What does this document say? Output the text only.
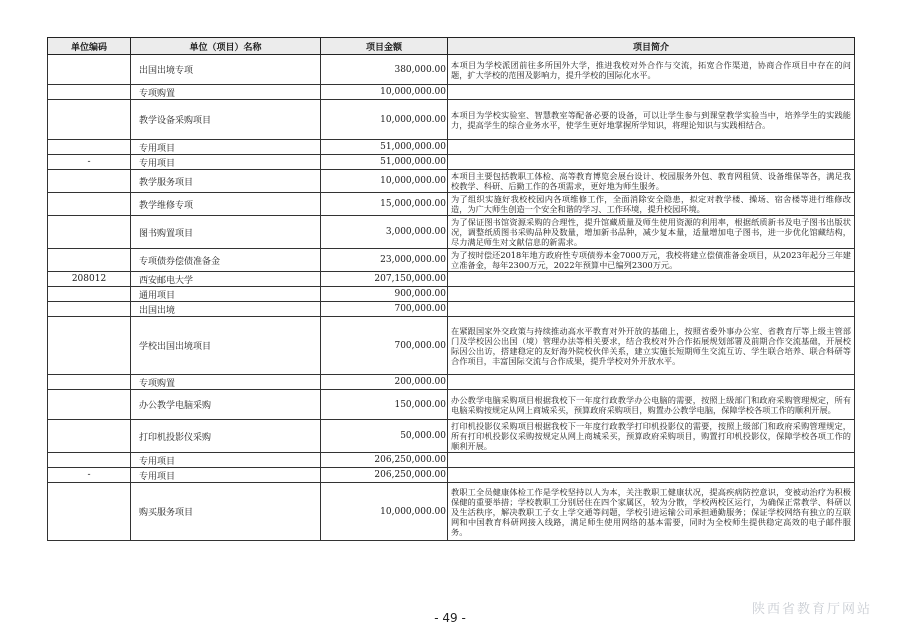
单位编码	单位（项目）名称	项目金额	项目简介
	出国出境专项	380,000.00	本项目为学校派团前往多所国外大学，推进我校对外合作与交流，拓宽合作渠道，协商合作项目中存在的问题，扩大学校的范围及影响力，提升学校的国际化水平。
	专项购置	10,000,000.00	
	教学设备采购项目	10,000,000.00	本项目为学校实验室、智慧教室等配备必要的设备，可以让学生参与到课堂教学实验当中，培养学生的实践能力，提高学生的综合业务水平，使学生更好地掌握所学知识，将理论知识与实践相结合。
	专用项目	51,000,000.00	
-	专用项目	51,000,000.00	
	教学服务项目	10,000,000.00	本项目主要包括教职工体检、高等教育博览会展台设计、校园服务外包、教育网租赁、设备维保等各，满足我校教学、科研、后勤工作的各项需求，更好地为师生服务。
	教学维修专项	15,000,000.00	为了组织实施好我校校园内各项维修工作，全面消除安全隐患，拟定对教学楼、操场、宿舍楼等进行维修改造，为广大师生创造一个安全和谐的学习、工作环境，提升校园环境。
	图书购置项目	3,000,000.00	为了保证图书馆资源采购的合理性，提升馆藏质量及师生使用资源的利用率，根据纸质新书及电子图书出版状况，调整纸质图书采购品种及数量，增加新书品种，减少复本量，适量增加电子图书，进一步优化馆藏结构，尽力满足师生对文献信息的新需求。
	专项债券偿债准备金	23,000,000.00	为了按时偿还2018年地方政府性专项债券本金7000万元，我校将建立偿债准备金项目，从2023年起分三年建立准备金，每年2300万元，2022年预算中已编列2300万元。
208012	西安邮电大学	207,150,000.00	
	通用项目	900,000.00	
	出国出境	700,000.00	
	学校出国出境项目	700,000.00	在紧跟国家外交政策与持续推动高水平教育对外开放的基础上，按照省委外事办公室、省教育厅等上级主管部门及学校因公出国（境）管理办法等相关要求，结合我校对外合作拓展规划部署及前期合作交流基础，开展校际因公出访，搭建稳定的友好海外院校伙伴关系，建立实施长短期师生交流互访、学生联合培养、联合科研等合作项目，丰富国际交流与合作成果，提升学校对外开放水平。
	专项购置	200,000.00	
	办公教学电脑采购	150,000.00	办公教学电脑采购项目根据我校下一年度行政教学办公电脑的需要，按照上级部门和政府采购管理规定，所有电脑采购按规定从网上商城采买，预算政府采购项目，购置办公教学电脑，保障学校各项工作的顺利开展。
	打印机投影仪采购	50,000.00	打印机投影仪采购项目根据我校下一年度行政教学打印机投影仪的需要，按照上级部门和政府采购管理规定，所有打印机投影仪采购按规定从网上商城采买，预算政府采购项目，购置打印机投影仪，保障学校各项工作的顺利开展。
	专用项目	206,250,000.00	
-	专用项目	206,250,000.00	
	购买服务项目	10,000,000.00	教职工全员健康体检工作是学校坚持以人为本，关注教职工健康状况，提高疾病防控意识，变被动治疗为积极保健的重要举措；学校教职工分别居住在四个家属区，较为分散，学校两校区运行，为确保正常教学、科研以及生活秩序，解决教职工子女上学交通等问题，学校引进运输公司承担通勤服务；保证学校网络有独立的互联网和中国教育科研网接入线路，满足师生使用网络的基本需要，同时为全校师生提供稳定高效的电子邮件服务。
- 49 -
陕西省教育厅网站
